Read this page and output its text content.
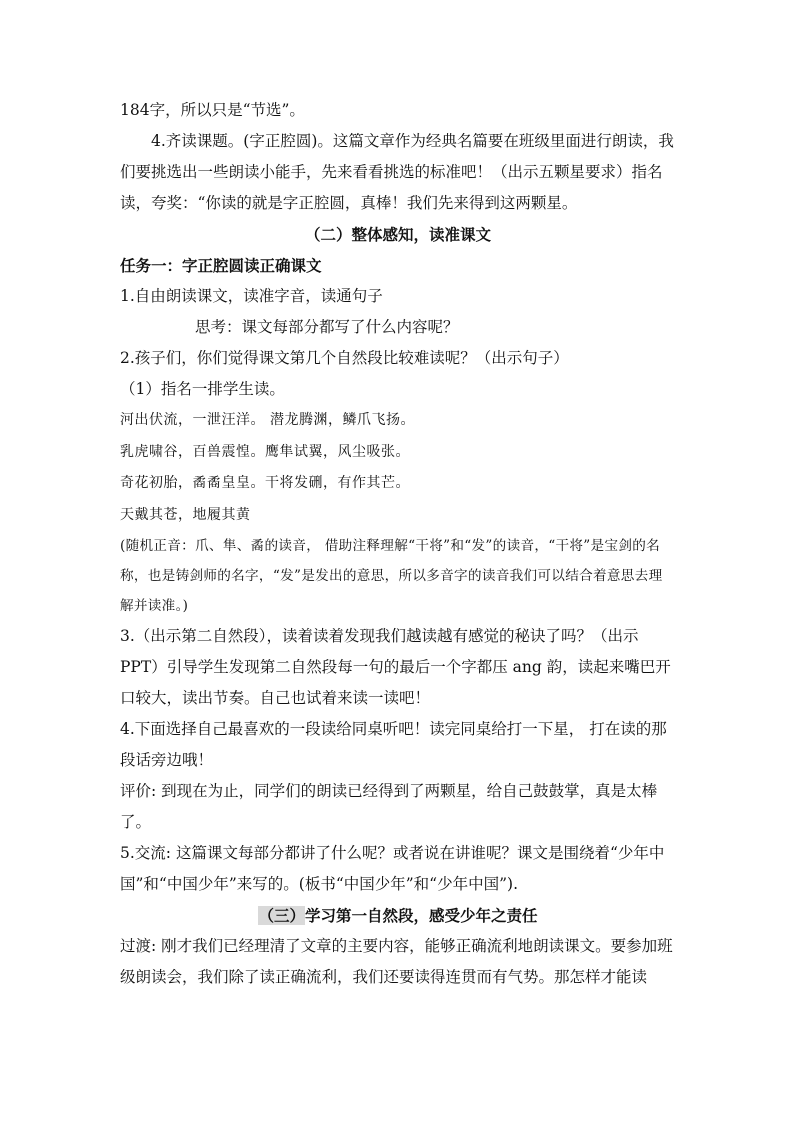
184字，所以只是“节选”。

4.齐读课题。(字正腔圆)。这篇文章作为经典名篇要在班级里面进行朗读，我们要挑选出一些朗读小能手，先来看看挑选的标准吧！（出示五颗星要求）指名读，夸奖：“你读的就是字正腔圆，真棒！我们先来得到这两颗星。

（二）整体感知，读准课文

任务一：字正腔圆读正确课文

1.自由朗读课文，读准字音，读通句子

思考：课文每部分都写了什么内容呢？

2.孩子们，你们觉得课文第几个自然段比较难读呢？（出示句子）

（1）指名一排学生读。

河出伏流，一泄汪洋。 潜龙腾渊，鳞爪飞扬。

乳虎啸谷，百兽震惶。鹰隼试翼，风尘吸张。

奇花初胎，矞矞皇皇。干将发硎，有作其芒。

天戴其苍，地履其黄

(随机正音：爪、隼、矞的读音， 借助注释理解“干将”和“发”的读音，“干将”是宝剑的名称，也是铸剑师的名字，“发”是发出的意思，所以多音字的读音我们可以结合着意思去理解并读准。)

3.（出示第二自然段），读着读着发现我们越读越有感觉的秘诀了吗？（出示PPT）引导学生发现第二自然段每一句的最后一个字都压 ang 韵，读起来嘴巴开口较大，读出节奏。自己也试着来读一读吧！

4.下面选择自己最喜欢的一段读给同桌听吧！读完同桌给打一下星， 打在读的那段话旁边哦！

评价: 到现在为止，同学们的朗读已经得到了两颗星，给自己鼓鼓掌，真是太棒了。

5.交流: 这篇课文每部分都讲了什么呢？或者说在讲谁呢？课文是围绕着“少年中国”和“中国少年”来写的。(板书“中国少年”和“少年中国”).

（三）学习第一自然段，感受少年之责任

过渡: 刚才我们已经理清了文章的主要内容，能够正确流利地朗读课文。要参加班级朗读会，我们除了读正确流利，我们还要读得连贯而有气势。那怎样才能读
